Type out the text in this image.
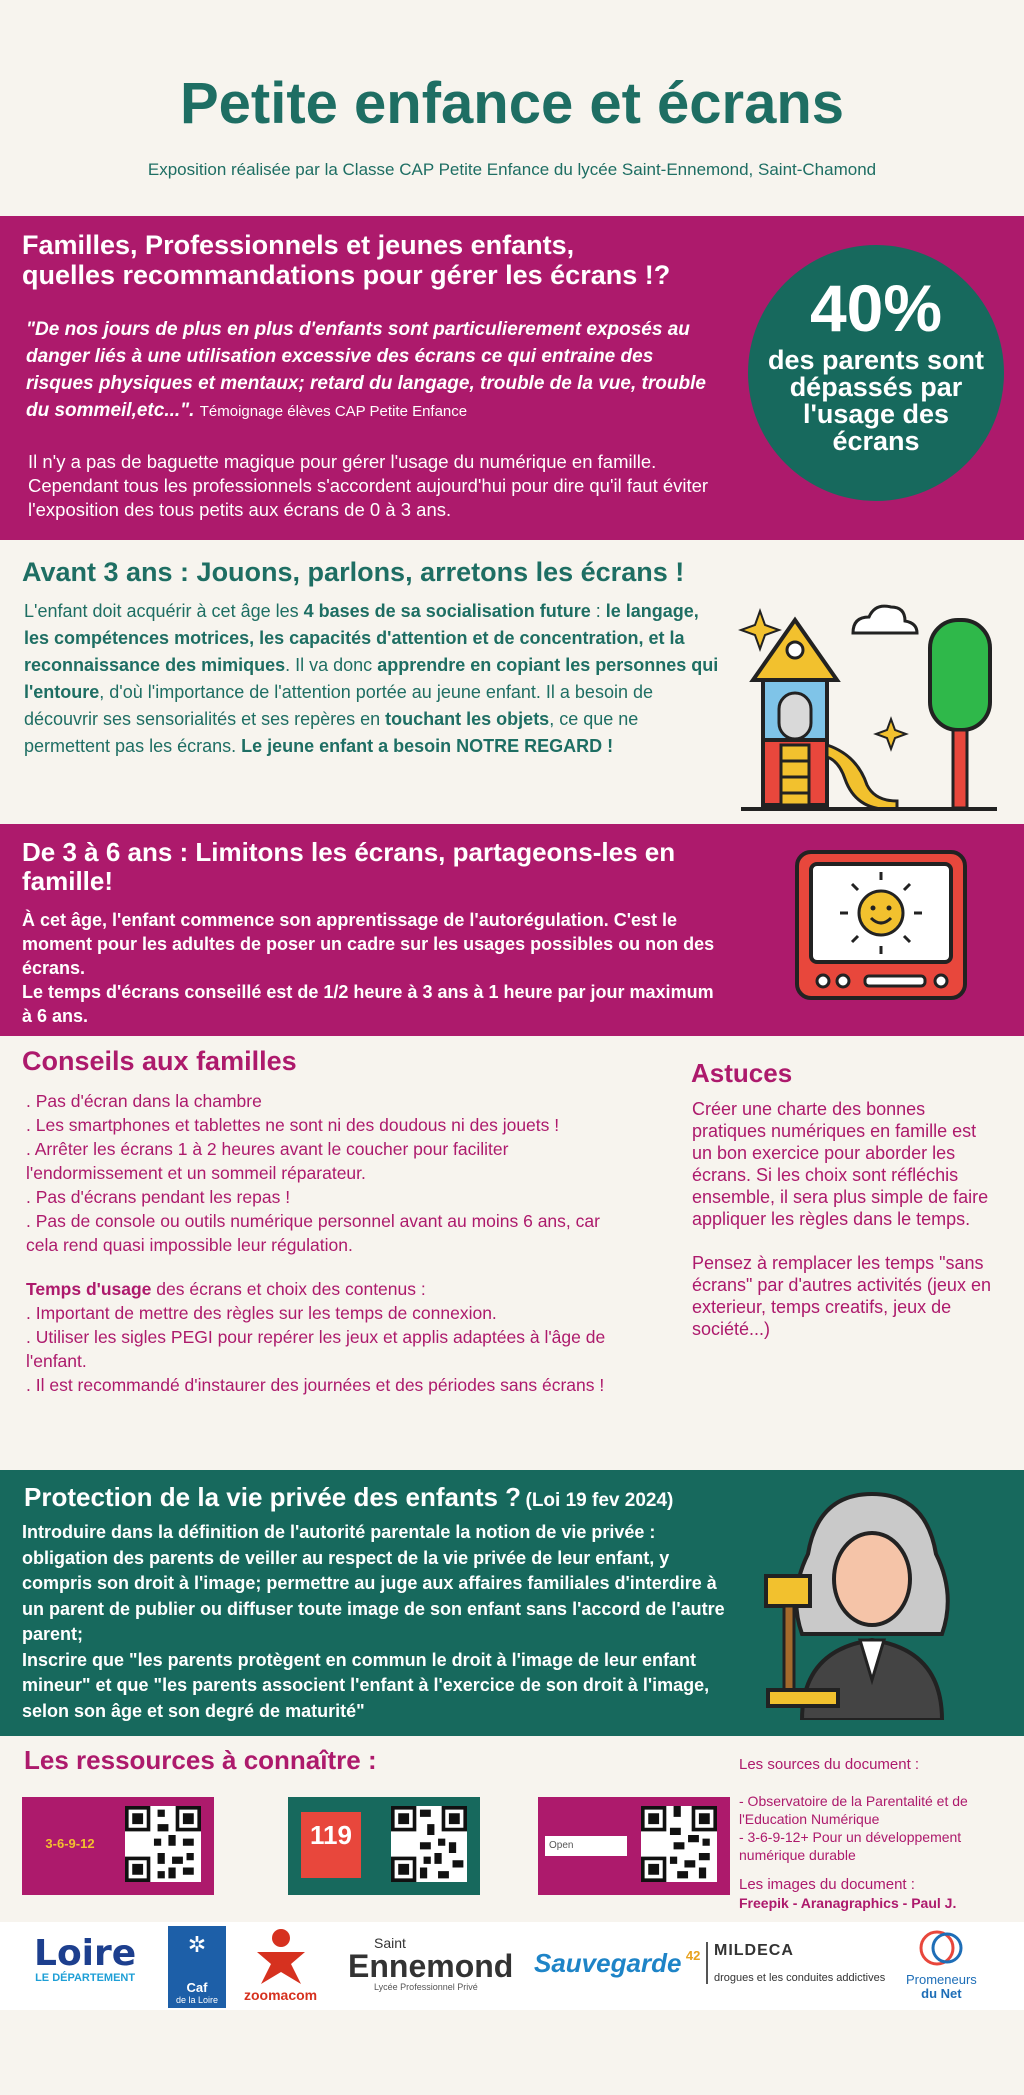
Petite enfance et écrans
Exposition réalisée par la Classe CAP Petite Enfance du lycée Saint-Ennemond, Saint-Chamond
Familles, Professionnels et jeunes enfants,
quelles recommandations pour gérer les écrans !?
"De nos jours de plus en plus d'enfants sont particulierement exposés au danger liés à une utilisation excessive des écrans ce qui entraine des risques physiques et mentaux; retard du langage, trouble de la vue, trouble du sommeil,etc...". Témoignage élèves CAP Petite Enfance
Il n'y a pas de baguette magique pour gérer l'usage du numérique en famille. Cependant tous les professionnels s'accordent aujourd'hui pour dire qu'il faut éviter l'exposition des tous petits aux écrans de 0 à 3 ans.
40%
des parents sont dépassés par l'usage des écrans
Avant 3 ans : Jouons, parlons, arretons les écrans !
L'enfant doit acquérir à cet âge les 4 bases de sa socialisation future : le langage, les compétences motrices, les capacités d'attention et de concentration, et la reconnaissance des mimiques. Il va donc apprendre en copiant les personnes qui l'entoure, d'où l'importance de l'attention portée au jeune enfant. Il a besoin de découvrir ses sensorialités et ses repères en touchant les objets, ce que ne permettent pas les écrans. Le jeune enfant a besoin NOTRE REGARD !
De 3 à 6 ans : Limitons les écrans, partageons-les en famille!
À cet âge, l'enfant commence son apprentissage de l'autorégulation. C'est le moment pour les adultes de poser un cadre sur les usages possibles ou non des écrans.
Le temps d'écrans conseillé est de 1/2 heure à 3 ans à 1 heure par jour maximum à 6 ans.
Conseils aux familles

. Pas d'écran dans la chambre

. Les smartphones et tablettes ne sont ni des doudous ni des jouets !

. Arrêter les écrans 1 à 2 heures avant le coucher pour faciliter l'endormissement et un sommeil réparateur.

. Pas d'écrans pendant les repas !

. Pas de console ou outils numérique personnel avant au moins 6 ans, car cela rend quasi impossible leur régulation.

Temps d'usage des écrans et choix des contenus :

. Important de mettre des règles sur les temps de connexion.

. Utiliser les sigles PEGI pour repérer les jeux et applis adaptées à l'âge de l'enfant.

. Il est recommandé d'instaurer des journées et des périodes sans écrans !

Astuces

Créer une charte des bonnes pratiques numériques en famille est un bon exercice pour aborder les écrans. Si les choix sont réfléchis ensemble, il sera plus simple de faire appliquer les règles dans le temps.

Pensez à remplacer les temps "sans écrans" par d'autres activités (jeux en exterieur, temps creatifs, jeux de société...)

Protection de la vie privée des enfants ? (Loi 19 fev 2024)
Introduire dans la définition de l'autorité parentale la notion de vie privée : obligation des parents de veiller au respect de la vie privée de leur enfant, y compris son droit à l'image; permettre au juge aux affaires familiales d'interdire à un parent de publier ou diffuser toute image de son enfant sans l'accord de l'autre parent;
Inscrire que "les parents protègent en commun le droit à l'image de leur enfant mineur" et que "les parents associent l'enfant à l'exercice de son droit à l'image, selon son âge et son degré de maturité"
Les ressources à connaître :
3-6-9-12	119	Open
Les sources du document :
- Observatoire de la Parentalité et de l'Education Numérique
- 3-6-9-12+ Pour un développement numérique durable
Les images du document :
Freepik - Aranagraphics - Paul J.
Loire
LE DÉPARTEMENT
✲
Caf
de la Loire	zoomacom
Saint
Ennemond
Lycée Professionnel Privé
Sauvegarde $^{42}$ MILDECA
drogues et les conduites addictives Promeneurs
du Net
